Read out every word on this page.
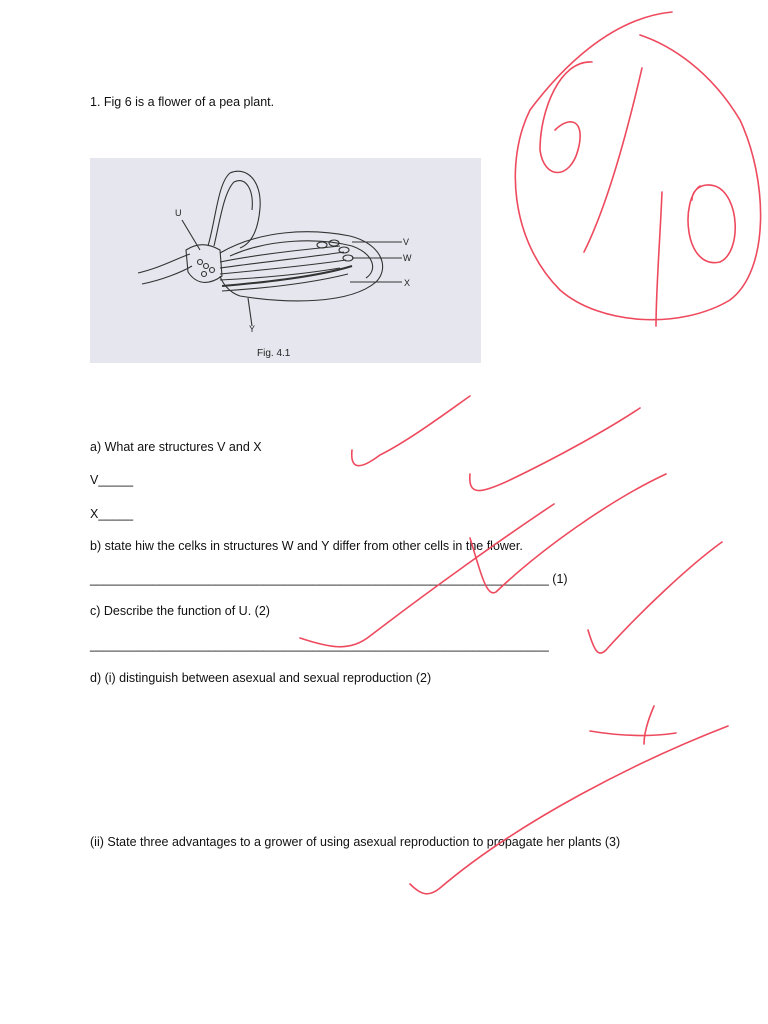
1. Fig 6 is a flower of a pea plant.
U
V
W
X
Y
Fig. 4.1
a) What are structures V and X
V_____
X_____
b) state hiw the celks in structures W and Y differ from other cells in the flower.
__________________________________________________________________ (1)
c) Describe the function of U. (2)
__________________________________________________________________
d) (i) distinguish between asexual and sexual reproduction (2)
(ii) State three advantages to a grower of using asexual reproduction to propagate her plants (3)
